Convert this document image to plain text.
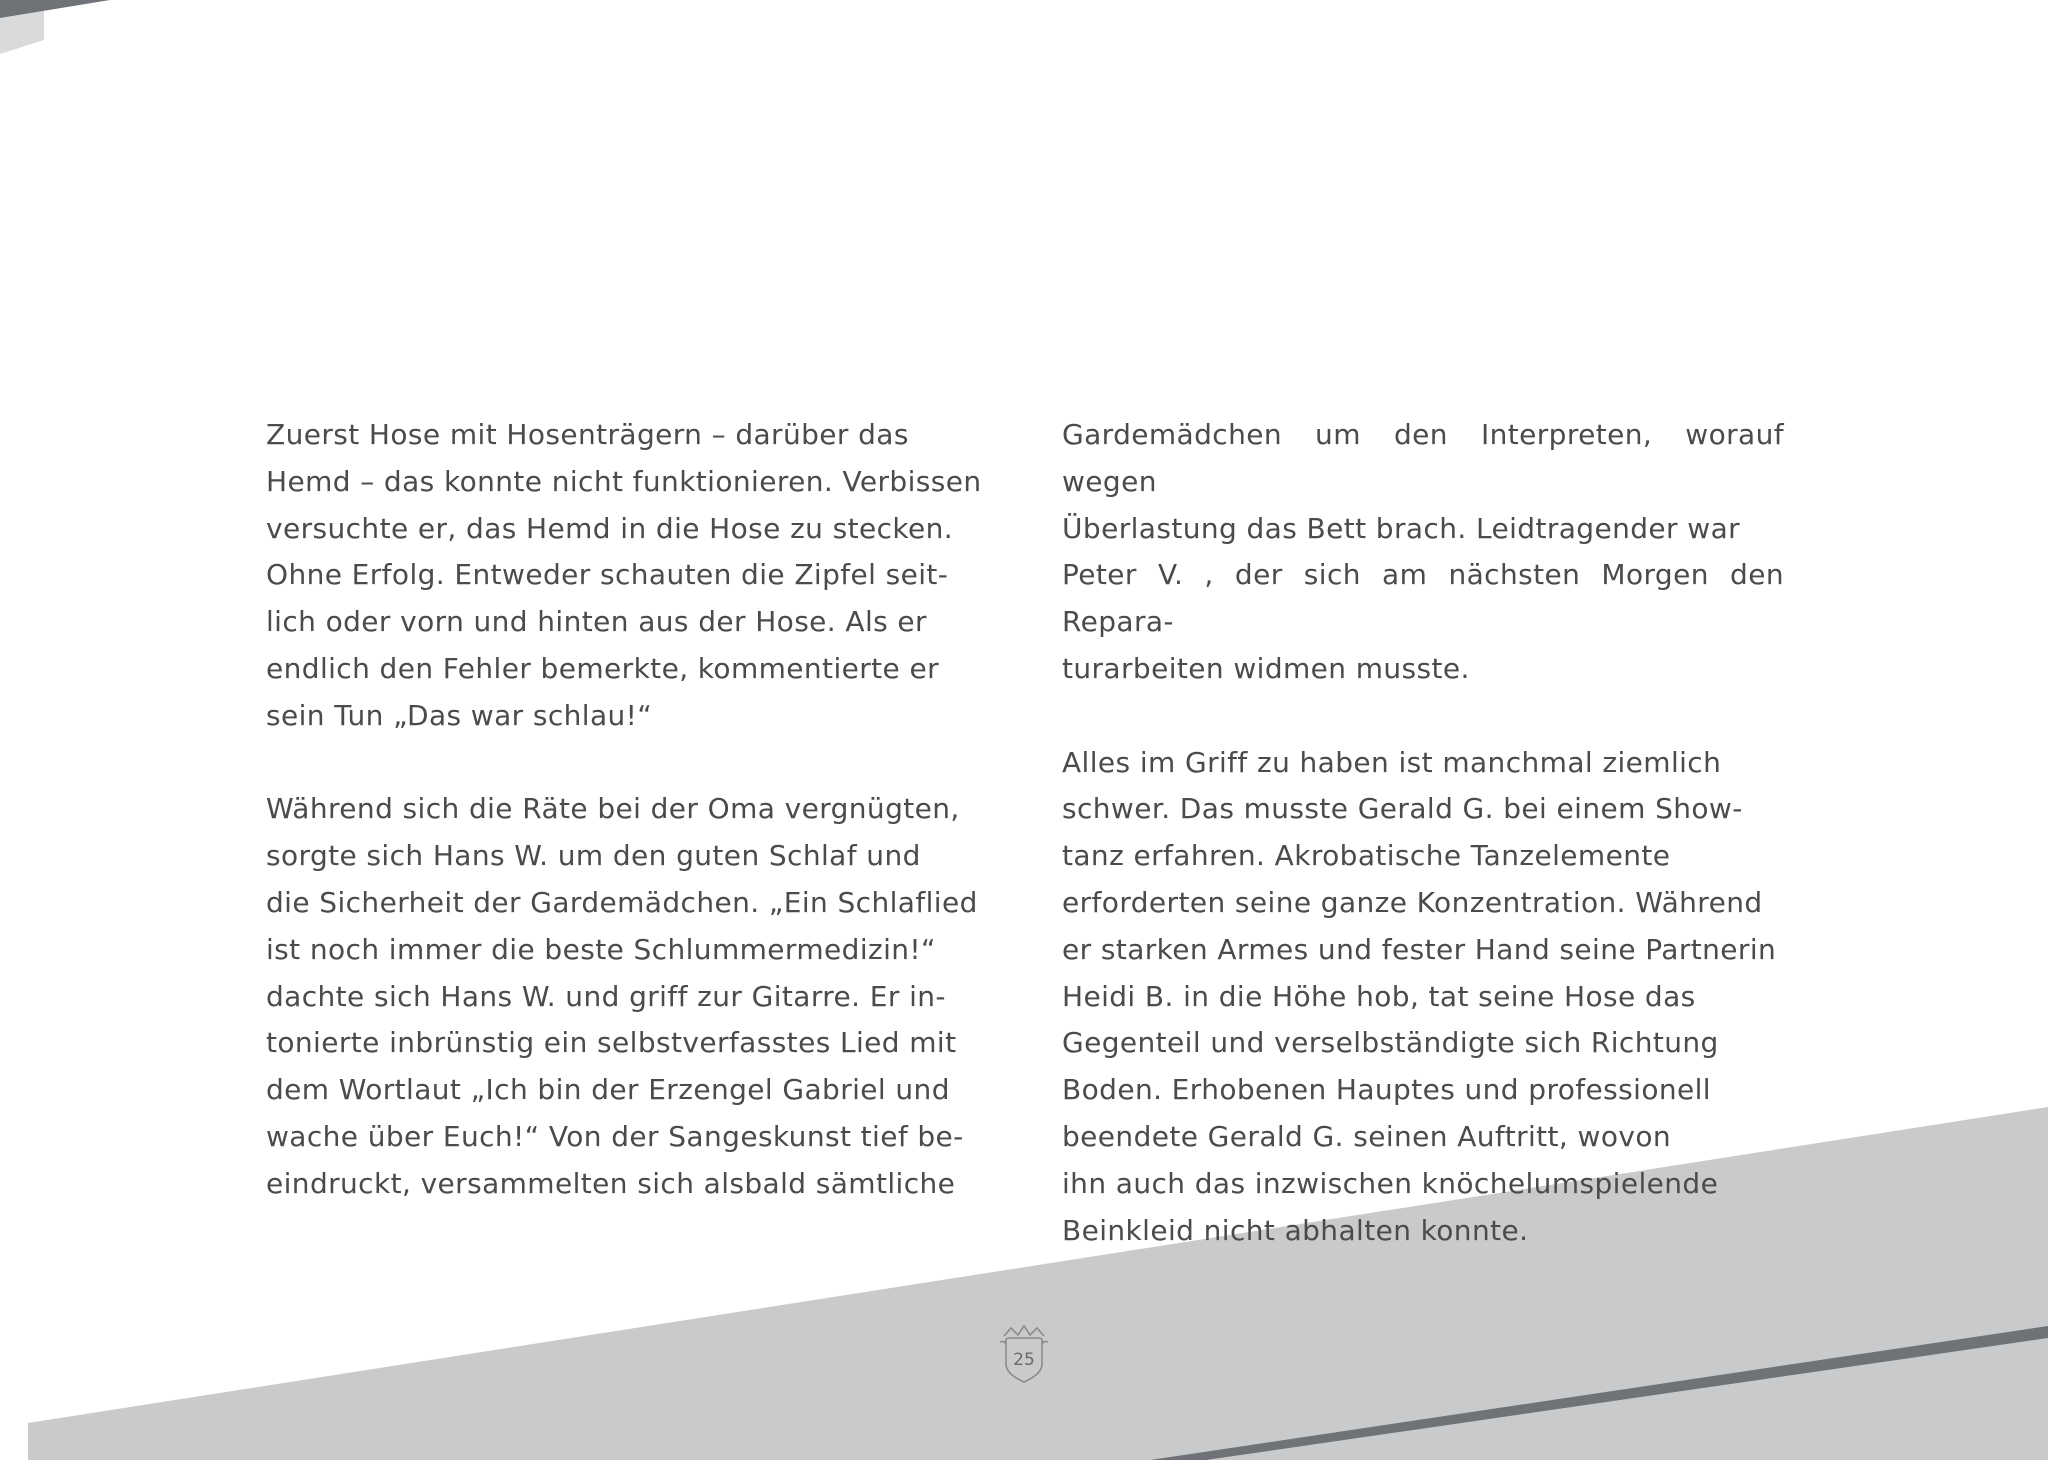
Zuerst Hose mit Hosenträgern – darüber das
Hemd – das konnte nicht funktionieren. Verbissen
versuchte er, das Hemd in die Hose zu stecken.
Ohne Erfolg. Entweder schauten die Zipfel seit-
lich oder vorn und hinten aus der Hose. Als er
endlich den Fehler bemerkte, kommentierte er
sein Tun „Das war schlau!“

Während sich die Räte bei der Oma vergnügten,
sorgte sich Hans W. um den guten Schlaf und
die Sicherheit der Gardemädchen. „Ein Schlaflied
ist noch immer die beste Schlummermedizin!“
dachte sich Hans W. und griff zur Gitarre. Er in-
tonierte inbrünstig ein selbstverfasstes Lied mit
dem Wortlaut „Ich bin der Erzengel Gabriel und
wache über Euch!“ Von der Sangeskunst tief be-
eindruckt, versammelten sich alsbald sämtliche

Gardemädchen um den Interpreten, worauf wegen
Überlastung das Bett brach. Leidtragender war
Peter V. , der sich am nächsten Morgen den Repara-
turarbeiten widmen musste.

Alles im Griff zu haben ist manchmal ziemlich
schwer. Das musste Gerald G. bei einem Show-
tanz erfahren. Akrobatische Tanzelemente
erforderten seine ganze Konzentration. Während
er starken Armes und fester Hand seine Partnerin
Heidi B. in die Höhe hob, tat seine Hose das
Gegenteil und verselbständigte sich Richtung
Boden. Erhobenen Hauptes und professionell
beendete Gerald G. seinen Auftritt, wovon
ihn auch das inzwischen knöchelumspielende
Beinkleid nicht abhalten konnte.

25
